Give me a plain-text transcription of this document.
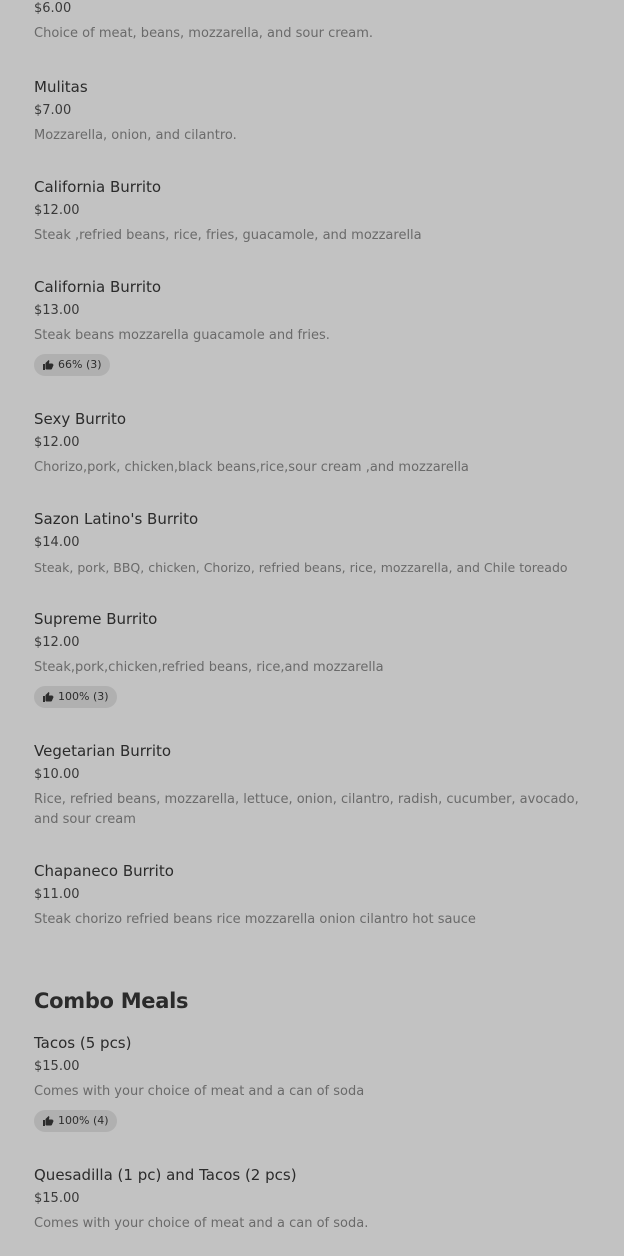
$6.00
Choice of meat, beans, mozzarella, and sour cream.
Mulitas
$7.00
Mozzarella, onion, and cilantro.
California Burrito
$12.00
Steak ,refried beans, rice, fries, guacamole, and mozzarella
California Burrito
$13.00
Steak beans mozzarella guacamole and fries.
66% (3)
Sexy Burrito
$12.00
Chorizo,pork, chicken,black beans,rice,sour cream ,and mozzarella
Sazon Latino's Burrito
$14.00
Steak, pork, BBQ, chicken, Chorizo, refried beans, rice, mozzarella, and Chile toreado
Supreme Burrito
$12.00
Steak,pork,chicken,refried beans, rice,and mozzarella
100% (3)
Vegetarian Burrito
$10.00
Rice, refried beans, mozzarella, lettuce, onion, cilantro, radish, cucumber, avocado, and sour cream
Chapaneco Burrito
$11.00
Steak chorizo refried beans rice mozzarella onion cilantro hot sauce
Combo Meals
Tacos (5 pcs)
$15.00
Comes with your choice of meat and a can of soda
100% (4)
Quesadilla (1 pc) and Tacos (2 pcs)
$15.00
Comes with your choice of meat and a can of soda.
